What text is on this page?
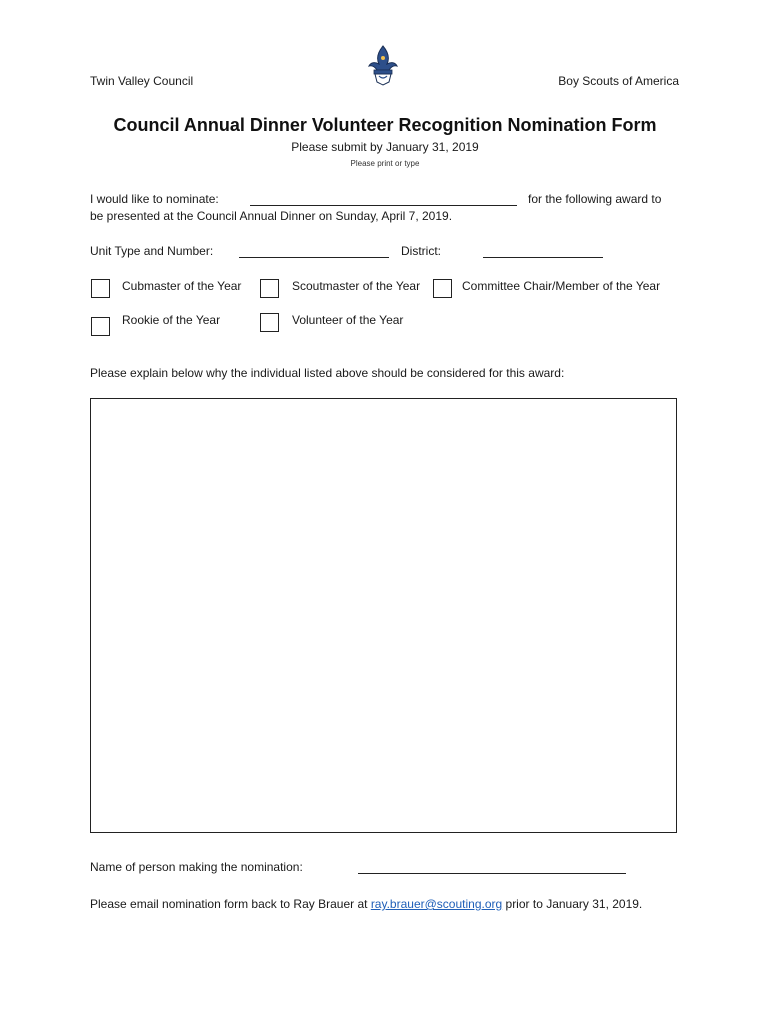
Twin Valley Council	Boy Scouts of America
Council Annual Dinner Volunteer Recognition Nomination Form
Please submit by January 31, 2019
Please print or type
I would like to nominate:	for the following award to
be presented at the Council Annual Dinner on Sunday, April 7, 2019.
Unit Type and Number:	District:
Cubmaster of the Year	Scoutmaster of the Year	Committee Chair/Member of the Year
Rookie of the Year	Volunteer of the Year
Please explain below why the individual listed above should be considered for this award:
Name of person making the nomination:
Please email nomination form back to Ray Brauer at ray.brauer@scouting.org prior to January 31, 2019.
